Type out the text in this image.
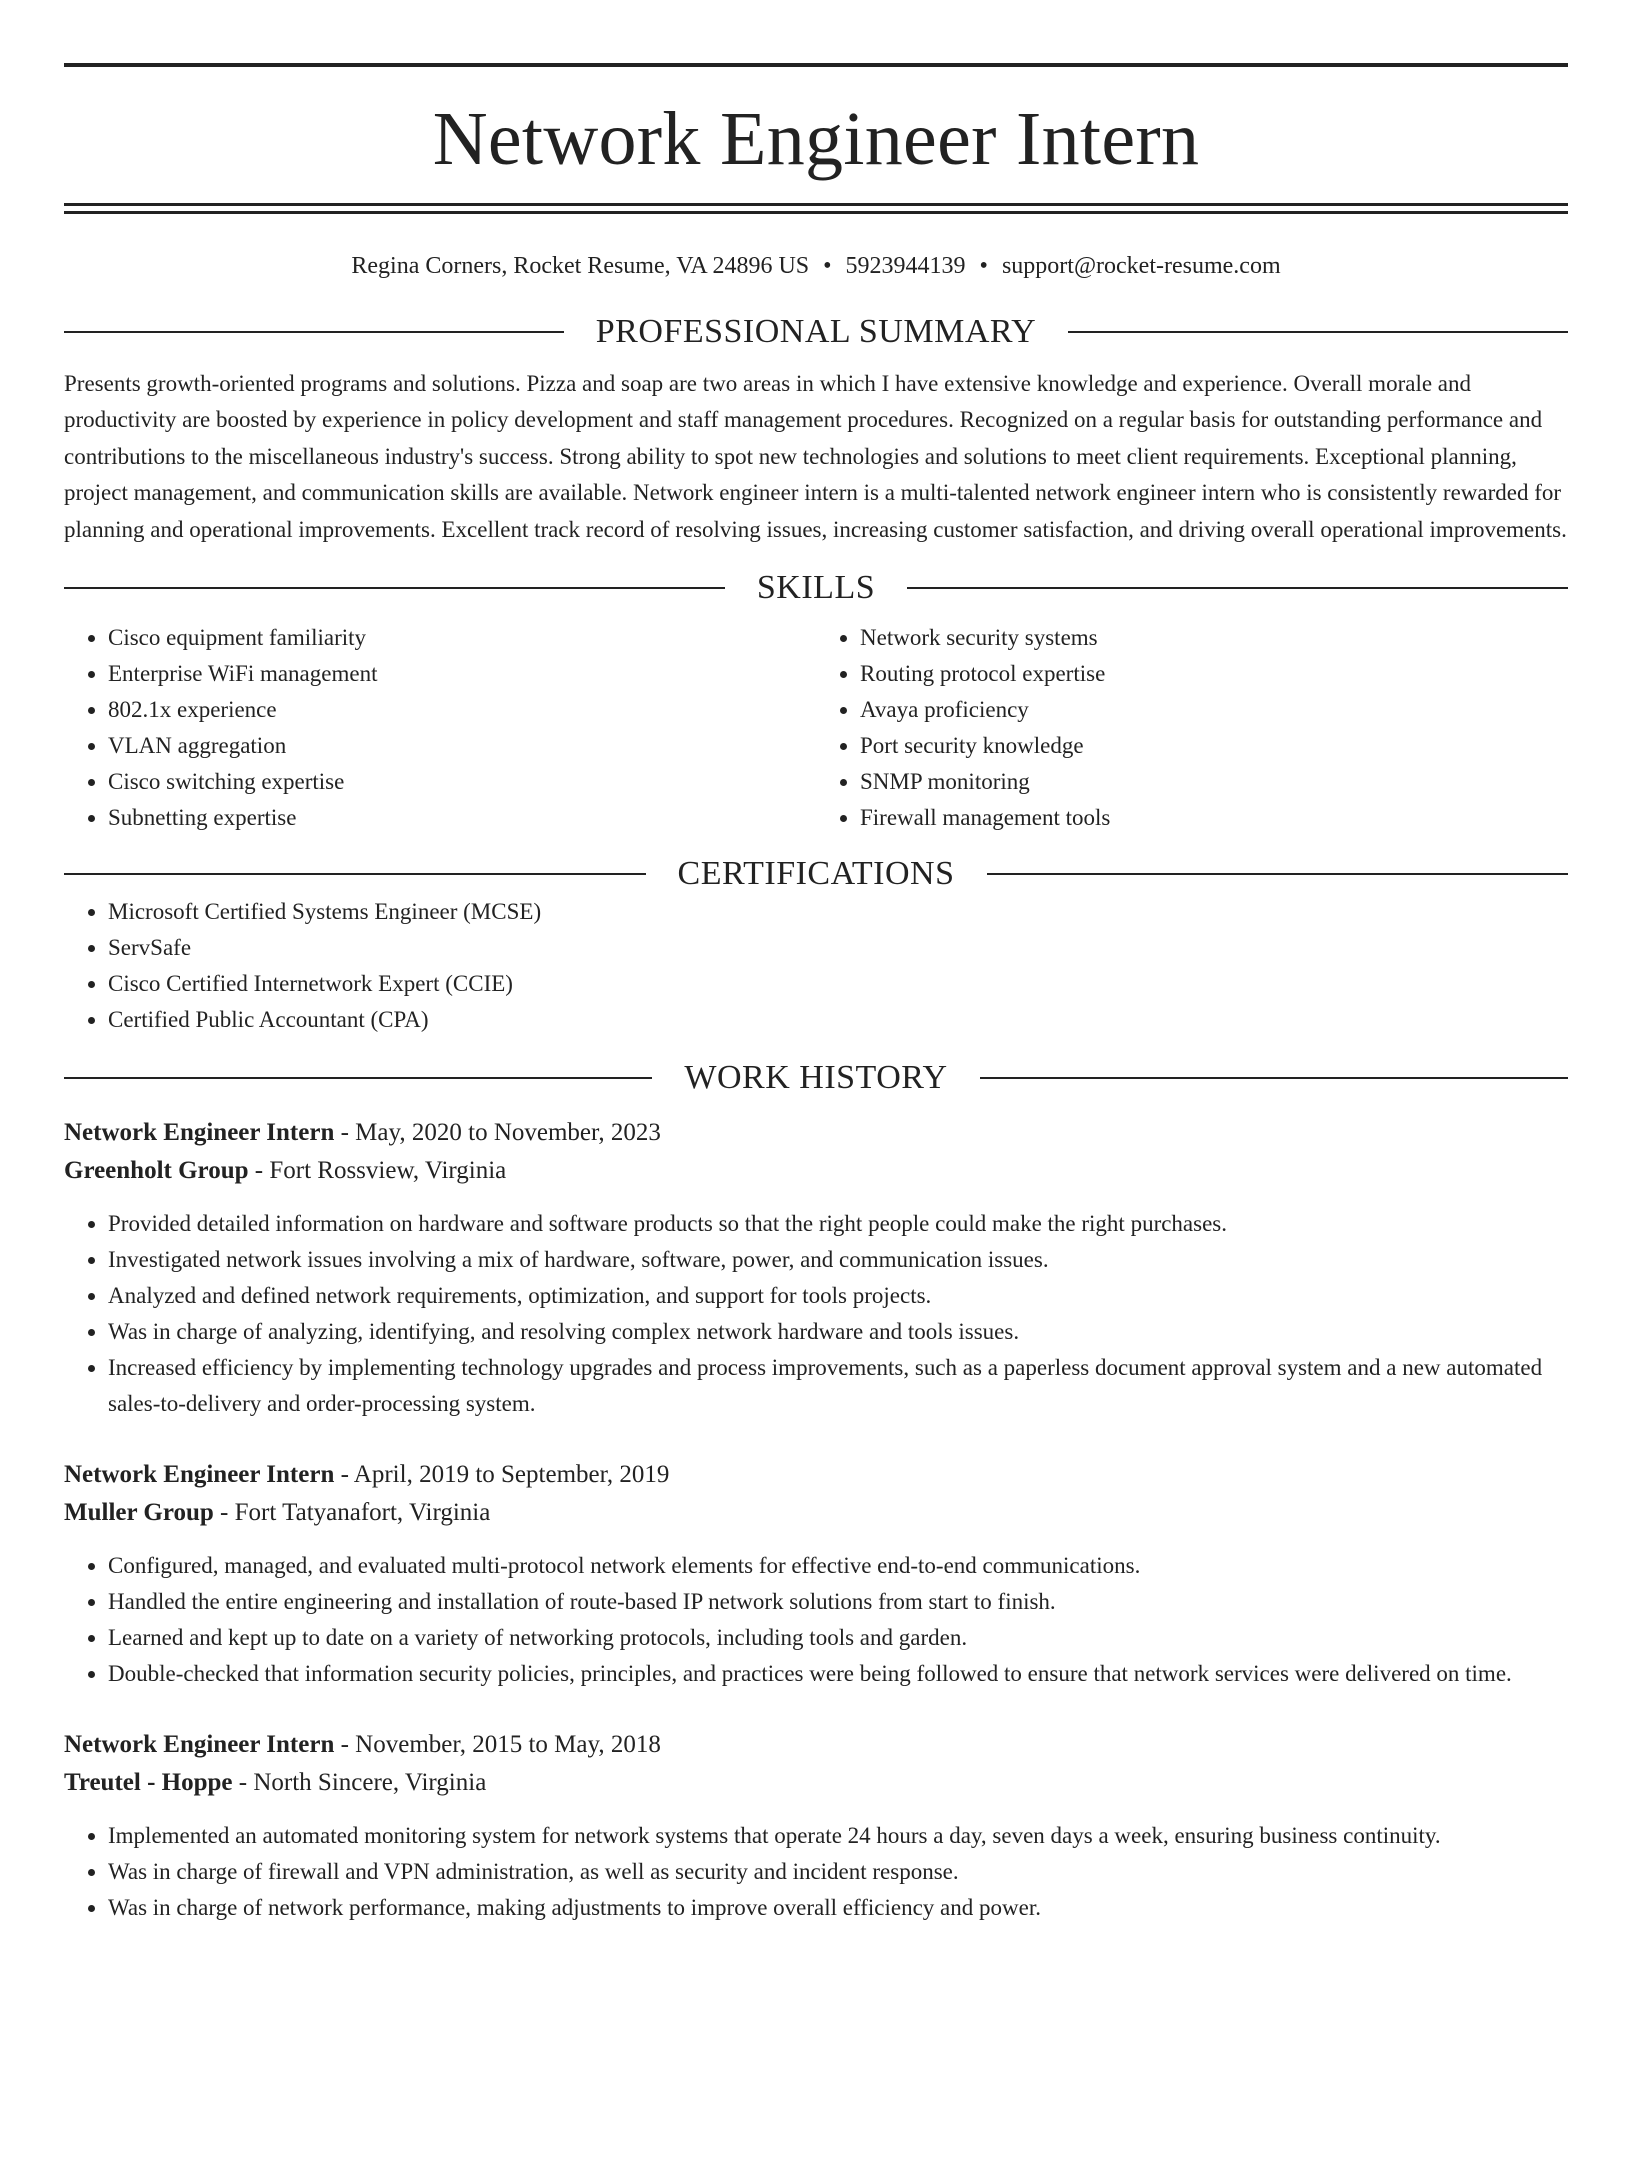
Network Engineer Intern
Regina Corners, Rocket Resume, VA 24896 US • 5923944139 • support@rocket-resume.com
PROFESSIONAL SUMMARY

Presents growth-oriented programs and solutions. Pizza and soap are two areas in which I have extensive knowledge and experience. Overall morale and productivity are boosted by experience in policy development and staff management procedures. Recognized on a regular basis for outstanding performance and contributions to the miscellaneous industry's success. Strong ability to spot new technologies and solutions to meet client requirements. Exceptional planning, project management, and communication skills are available. Network engineer intern is a multi-talented network engineer intern who is consistently rewarded for planning and operational improvements. Excellent track record of resolving issues, increasing customer satisfaction, and driving overall operational improvements.

SKILLS
• Cisco equipment familiarity
• Enterprise WiFi management
• 802.1x experience
• VLAN aggregation
• Cisco switching expertise
• Subnetting expertise
• Network security systems
• Routing protocol expertise
• Avaya proficiency
• Port security knowledge
• SNMP monitoring
• Firewall management tools
CERTIFICATIONS
• Microsoft Certified Systems Engineer (MCSE)
• ServSafe
• Cisco Certified Internetwork Expert (CCIE)
• Certified Public Accountant (CPA)
WORK HISTORY
Network Engineer Intern - May, 2020 to November, 2023
Greenholt Group - Fort Rossview, Virginia
• Provided detailed information on hardware and software products so that the right people could make the right purchases.
• Investigated network issues involving a mix of hardware, software, power, and communication issues.
• Analyzed and defined network requirements, optimization, and support for tools projects.
• Was in charge of analyzing, identifying, and resolving complex network hardware and tools issues.
• Increased efficiency by implementing technology upgrades and process improvements, such as a paperless document approval system and a new automated sales-to-delivery and order-processing system.
Network Engineer Intern - April, 2019 to September, 2019
Muller Group - Fort Tatyanafort, Virginia
• Configured, managed, and evaluated multi-protocol network elements for effective end-to-end communications.
• Handled the entire engineering and installation of route-based IP network solutions from start to finish.
• Learned and kept up to date on a variety of networking protocols, including tools and garden.
• Double-checked that information security policies, principles, and practices were being followed to ensure that network services were delivered on time.
Network Engineer Intern - November, 2015 to May, 2018
Treutel - Hoppe - North Sincere, Virginia
• Implemented an automated monitoring system for network systems that operate 24 hours a day, seven days a week, ensuring business continuity.
• Was in charge of firewall and VPN administration, as well as security and incident response.
• Was in charge of network performance, making adjustments to improve overall efficiency and power.
